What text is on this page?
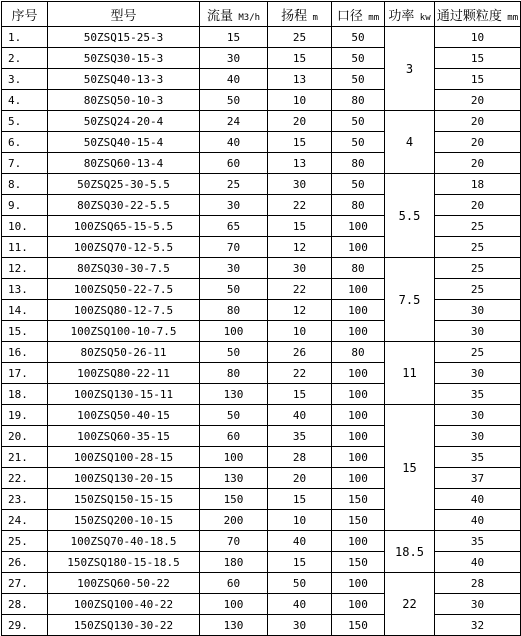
序号	型号	流量 M3/h	扬程 m	口径 mm	功率 kw	通过颗粒度 mm
1.	50ZSQ15-25-3	15	25	50	3	10
2.	50ZSQ30-15-3	30	15	50		15
3.	50ZSQ40-13-3	40	13	50		15
4.	80ZSQ50-10-3	50	10	80		20
5.	50ZSQ24-20-4	24	20	50	4	20
6.	50ZSQ40-15-4	40	15	50		20
7.	80ZSQ60-13-4	60	13	80		20
8.	50ZSQ25-30-5.5	25	30	50	5.5	18
9.	80ZSQ30-22-5.5	30	22	80		20
10.	100ZSQ65-15-5.5	65	15	100		25
11.	100ZSQ70-12-5.5	70	12	100		25
12.	80ZSQ30-30-7.5	30	30	80	7.5	25
13.	100ZSQ50-22-7.5	50	22	100		25
14.	100ZSQ80-12-7.5	80	12	100		30
15.	100ZSQ100-10-7.5	100	10	100		30
16.	80ZSQ50-26-11	50	26	80	11	25
17.	100ZSQ80-22-11	80	22	100		30
18.	100ZSQ130-15-11	130	15	100		35
19.	100ZSQ50-40-15	50	40	100	15	30
20.	100ZSQ60-35-15	60	35	100		30
21.	100ZSQ100-28-15	100	28	100		35
22.	100ZSQ130-20-15	130	20	100		37
23.	150ZSQ150-15-15	150	15	150		40
24.	150ZSQ200-10-15	200	10	150		40
25.	100ZSQ70-40-18.5	70	40	100	18.5	35
26.	150ZSQ180-15-18.5	180	15	150		40
27.	100ZSQ60-50-22	60	50	100	22	28
28.	100ZSQ100-40-22	100	40	100		30
29.	150ZSQ130-30-22	130	30	150		32
